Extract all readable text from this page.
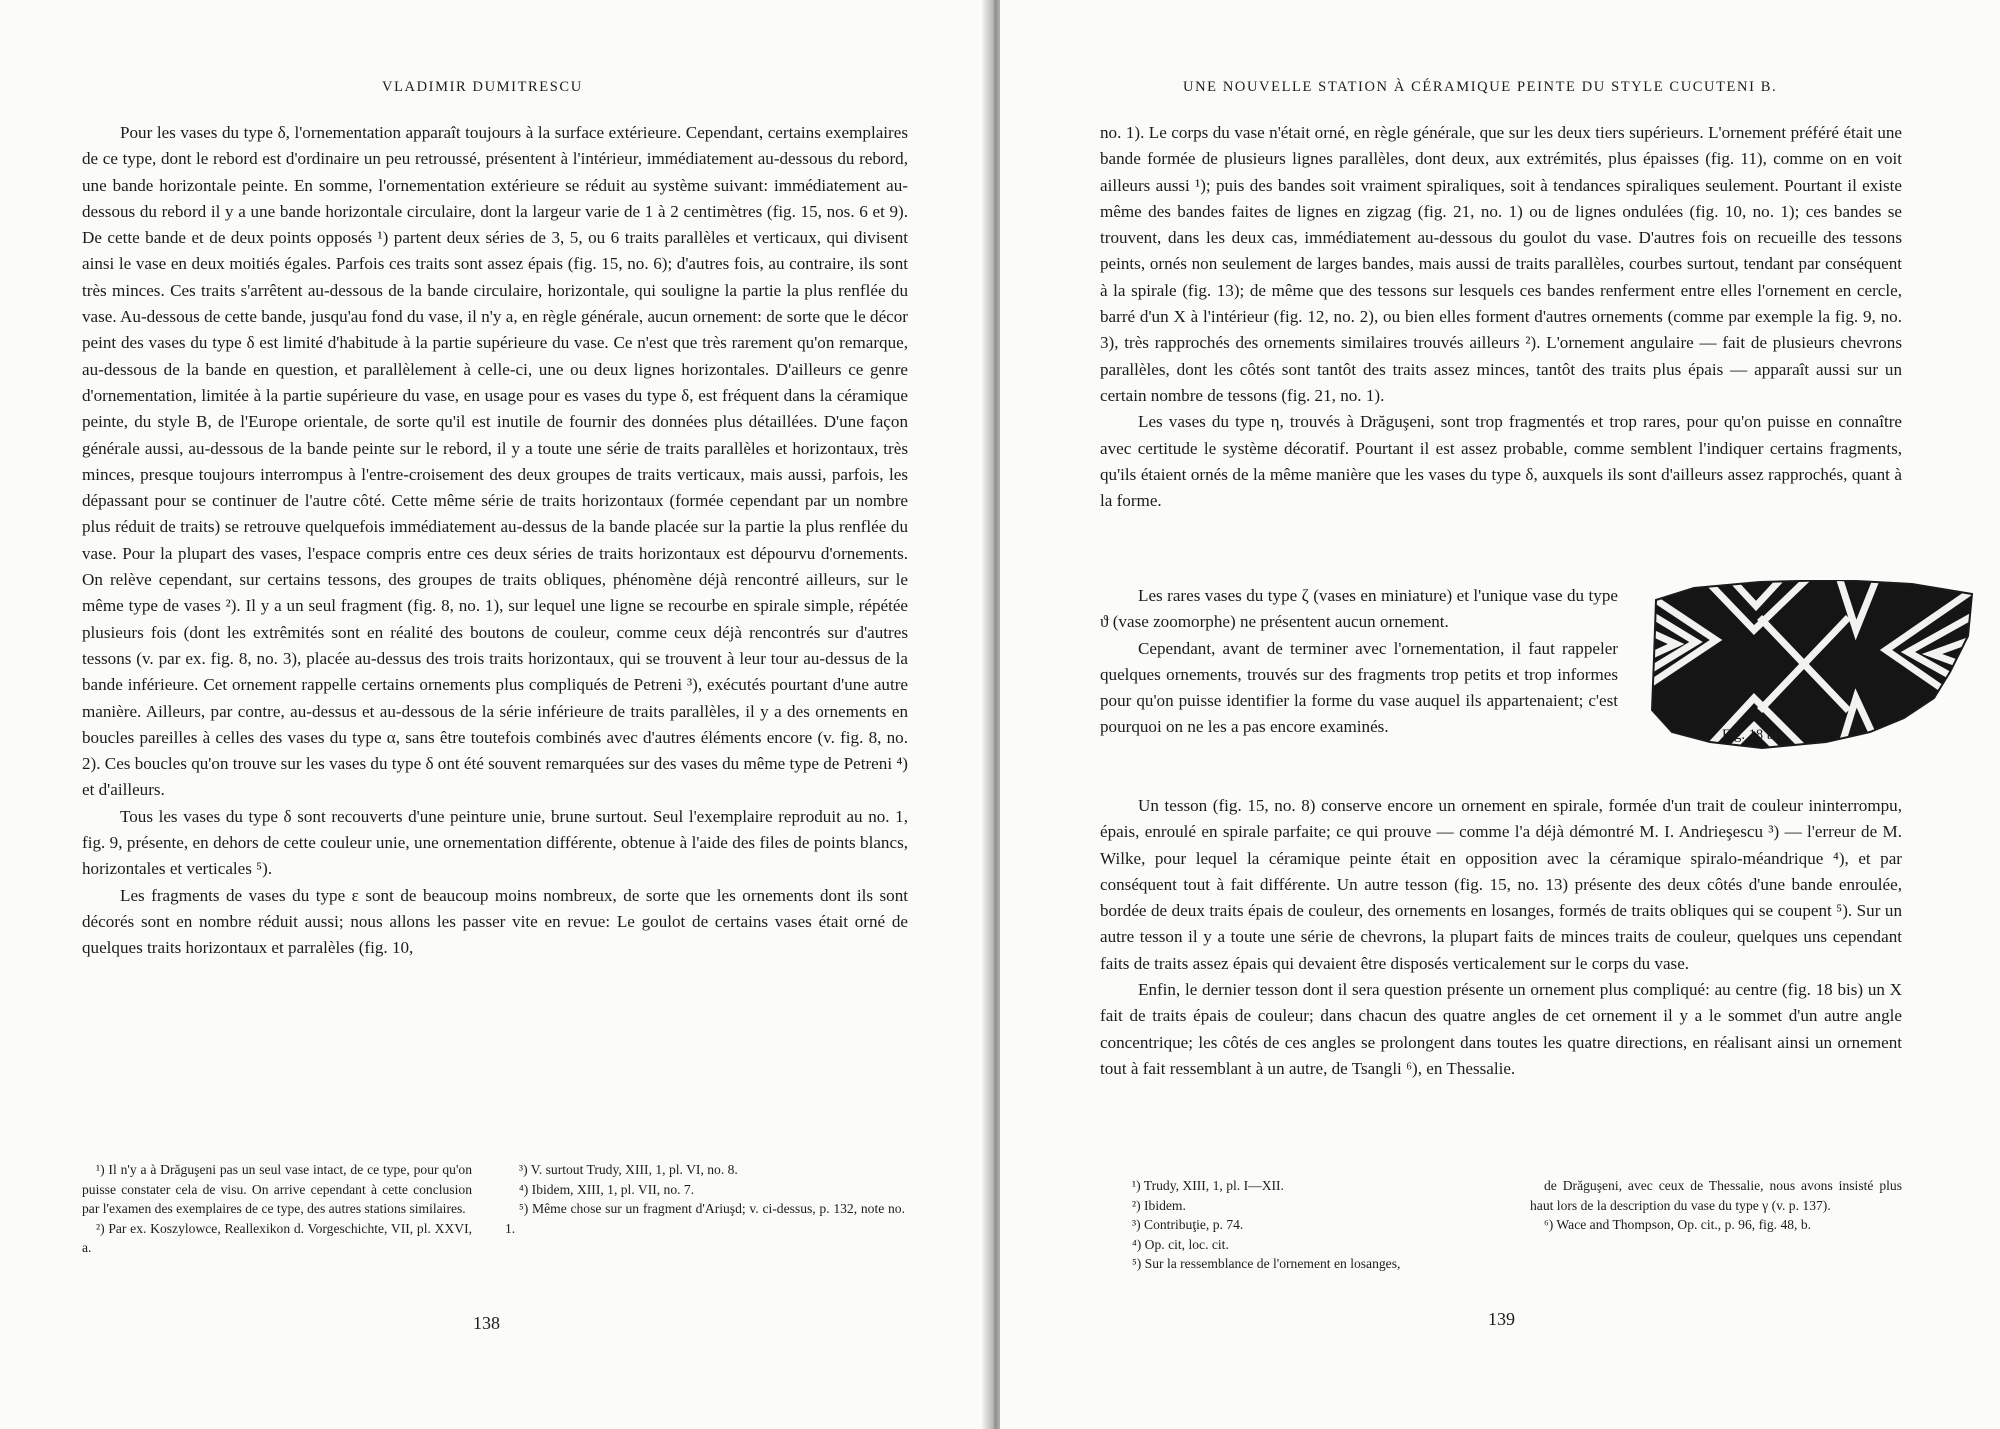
VLADIMIR DUMITRESCU

Pour les vases du type δ, l'ornementation apparaît toujours à la surface extérieure. Cependant, certains exemplaires de ce type, dont le rebord est d'ordinaire un peu retroussé, présentent à l'intérieur, immédiatement au-dessous du rebord, une bande horizontale peinte. En somme, l'ornementation extérieure se réduit au système suivant: immédiatement au-dessous du rebord il y a une bande horizontale circulaire, dont la largeur varie de 1 à 2 centimètres (fig. 15, nos. 6 et 9). De cette bande et de deux points opposés ¹) partent deux séries de 3, 5, ou 6 traits parallèles et verticaux, qui divisent ainsi le vase en deux moitiés égales. Parfois ces traits sont assez épais (fig. 15, no. 6); d'autres fois, au contraire, ils sont très minces. Ces traits s'arrêtent au-dessous de la bande circulaire, horizontale, qui souligne la partie la plus renflée du vase. Au-dessous de cette bande, jusqu'au fond du vase, il n'y a, en règle générale, aucun ornement: de sorte que le décor peint des vases du type δ est limité d'habitude à la partie supérieure du vase. Ce n'est que très rarement qu'on remarque, au-dessous de la bande en question, et parallèlement à celle-ci, une ou deux lignes horizontales. D'ailleurs ce genre d'ornementation, limitée à la partie supérieure du vase, en usage pour es vases du type δ, est fréquent dans la céramique peinte, du style B, de l'Europe orientale, de sorte qu'il est inutile de fournir des données plus détaillées. D'une façon générale aussi, au-dessous de la bande peinte sur le rebord, il y a toute une série de traits parallèles et horizontaux, très minces, presque toujours interrompus à l'entre-croisement des deux groupes de traits verticaux, mais aussi, parfois, les dépassant pour se continuer de l'autre côté. Cette même série de traits horizontaux (formée cependant par un nombre plus réduit de traits) se retrouve quelquefois immédiatement au-dessus de la bande placée sur la partie la plus renflée du vase. Pour la plupart des vases, l'espace compris entre ces deux séries de traits horizontaux est dépourvu d'ornements. On relève cependant, sur certains tessons, des groupes de traits obliques, phénomène déjà rencontré ailleurs, sur le même type de vases ²). Il y a un seul fragment (fig. 8, no. 1), sur lequel une ligne se recourbe en spirale simple, répétée plusieurs fois (dont les extrêmités sont en réalité des boutons de couleur, comme ceux déjà rencontrés sur d'autres tessons (v. par ex. fig. 8, no. 3), placée au-dessus des trois traits horizontaux, qui se trouvent à leur tour au-dessus de la bande inférieure. Cet ornement rappelle certains ornements plus compliqués de Petreni ³), exécutés pourtant d'une autre manière. Ailleurs, par contre, au-dessus et au-dessous de la série inférieure de traits parallèles, il y a des ornements en boucles pareilles à celles des vases du type α, sans être toutefois combinés avec d'autres éléments encore (v. fig. 8, no. 2). Ces boucles qu'on trouve sur les vases du type δ ont été souvent remarquées sur des vases du même type de Petreni ⁴) et d'ailleurs.

Tous les vases du type δ sont recouverts d'une peinture unie, brune surtout. Seul l'exemplaire reproduit au no. 1, fig. 9, présente, en dehors de cette couleur unie, une ornementation différente, obtenue à l'aide des files de points blancs, horizontales et verticales ⁵).

Les fragments de vases du type ε sont de beaucoup moins nombreux, de sorte que les ornements dont ils sont décorés sont en nombre réduit aussi; nous allons les passer vite en revue: Le goulot de certains vases était orné de quelques traits horizontaux et parralèles (fig. 10,

¹) Il n'y a à Drăguşeni pas un seul vase intact, de ce type, pour qu'on puisse constater cela de visu. On arrive cependant à cette conclusion par l'examen des exemplaires de ce type, des autres stations similaires.

²) Par ex. Koszylowce, Reallexikon d. Vorgeschichte, VII, pl. XXVI, a.

³) V. surtout Trudy, XIII, 1, pl. VI, no. 8.

⁴) Ibidem, XIII, 1, pl. VII, no. 7.

⁵) Même chose sur un fragment d'Ariuşd; v. ci-dessus, p. 132, note no. 1.

138
UNE NOUVELLE STATION À CÉRAMIQUE PEINTE DU STYLE CUCUTENI B.

no. 1). Le corps du vase n'était orné, en règle générale, que sur les deux tiers supérieurs. L'ornement préféré était une bande formée de plusieurs lignes parallèles, dont deux, aux extrémités, plus épaisses (fig. 11), comme on en voit ailleurs aussi ¹); puis des bandes soit vraiment spiraliques, soit à tendances spiraliques seulement. Pourtant il existe même des bandes faites de lignes en zigzag (fig. 21, no. 1) ou de lignes ondulées (fig. 10, no. 1); ces bandes se trouvent, dans les deux cas, immédiatement au-dessous du goulot du vase. D'autres fois on recueille des tessons peints, ornés non seulement de larges bandes, mais aussi de traits parallèles, courbes surtout, tendant par conséquent à la spirale (fig. 13); de même que des tessons sur lesquels ces bandes renferment entre elles l'ornement en cercle, barré d'un X à l'intérieur (fig. 12, no. 2), ou bien elles forment d'autres ornements (comme par exemple la fig. 9, no. 3), très rapprochés des ornements similaires trouvés ailleurs ²). L'ornement angulaire — fait de plusieurs chevrons parallèles, dont les côtés sont tantôt des traits assez minces, tantôt des traits plus épais — apparaît aussi sur un certain nombre de tessons (fig. 21, no. 1).

Les vases du type η, trouvés à Drăguşeni, sont trop fragmentés et trop rares, pour qu'on puisse en connaître avec certitude le système décoratif. Pourtant il est assez probable, comme semblent l'indiquer certains fragments, qu'ils étaient ornés de la même manière que les vases du type δ, auxquels ils sont d'ailleurs assez rapprochés, quant à la forme.

Les rares vases du type ζ (vases en miniature) et l'unique vase du type ϑ (vase zoomorphe) ne présentent aucun ornement.

Cependant, avant de terminer avec l'ornementation, il faut rappeler quelques ornements, trouvés sur des fragments trop petits et trop informes pour qu'on puisse identifier la forme du vase auquel ils appartenaient; c'est pourquoi on ne les a pas encore examinés.	Fig. 18 bis.

Un tesson (fig. 15, no. 8) conserve encore un ornement en spirale, formée d'un trait de couleur ininterrompu, épais, enroulé en spirale parfaite; ce qui prouve — comme l'a déjà démontré M. I. Andrieşescu ³) — l'erreur de M. Wilke, pour lequel la céramique peinte était en opposition avec la céramique spiralo-méandrique ⁴), et par conséquent tout à fait différente. Un autre tesson (fig. 15, no. 13) présente des deux côtés d'une bande enroulée, bordée de deux traits épais de couleur, des ornements en losanges, formés de traits obliques qui se coupent ⁵). Sur un autre tesson il y a toute une série de chevrons, la plupart faits de minces traits de couleur, quelques uns cependant faits de traits assez épais qui devaient être disposés verticalement sur le corps du vase.

Enfin, le dernier tesson dont il sera question présente un ornement plus compliqué: au centre (fig. 18 bis) un X fait de traits épais de couleur; dans chacun des quatre angles de cet ornement il y a le sommet d'un autre angle concentrique; les côtés de ces angles se prolongent dans toutes les quatre directions, en réalisant ainsi un ornement tout à fait ressemblant à un autre, de Tsangli ⁶), en Thessalie.

¹) Trudy, XIII, 1, pl. I—XII.

²) Ibidem.

³) Contribuţie, p. 74.

⁴) Op. cit, loc. cit.

⁵) Sur la ressemblance de l'ornement en losanges,

de Drăguşeni, avec ceux de Thessalie, nous avons insisté plus haut lors de la description du vase du type γ (v. p. 137).

⁶) Wace and Thompson, Op. cit., p. 96, fig. 48, b.

139
